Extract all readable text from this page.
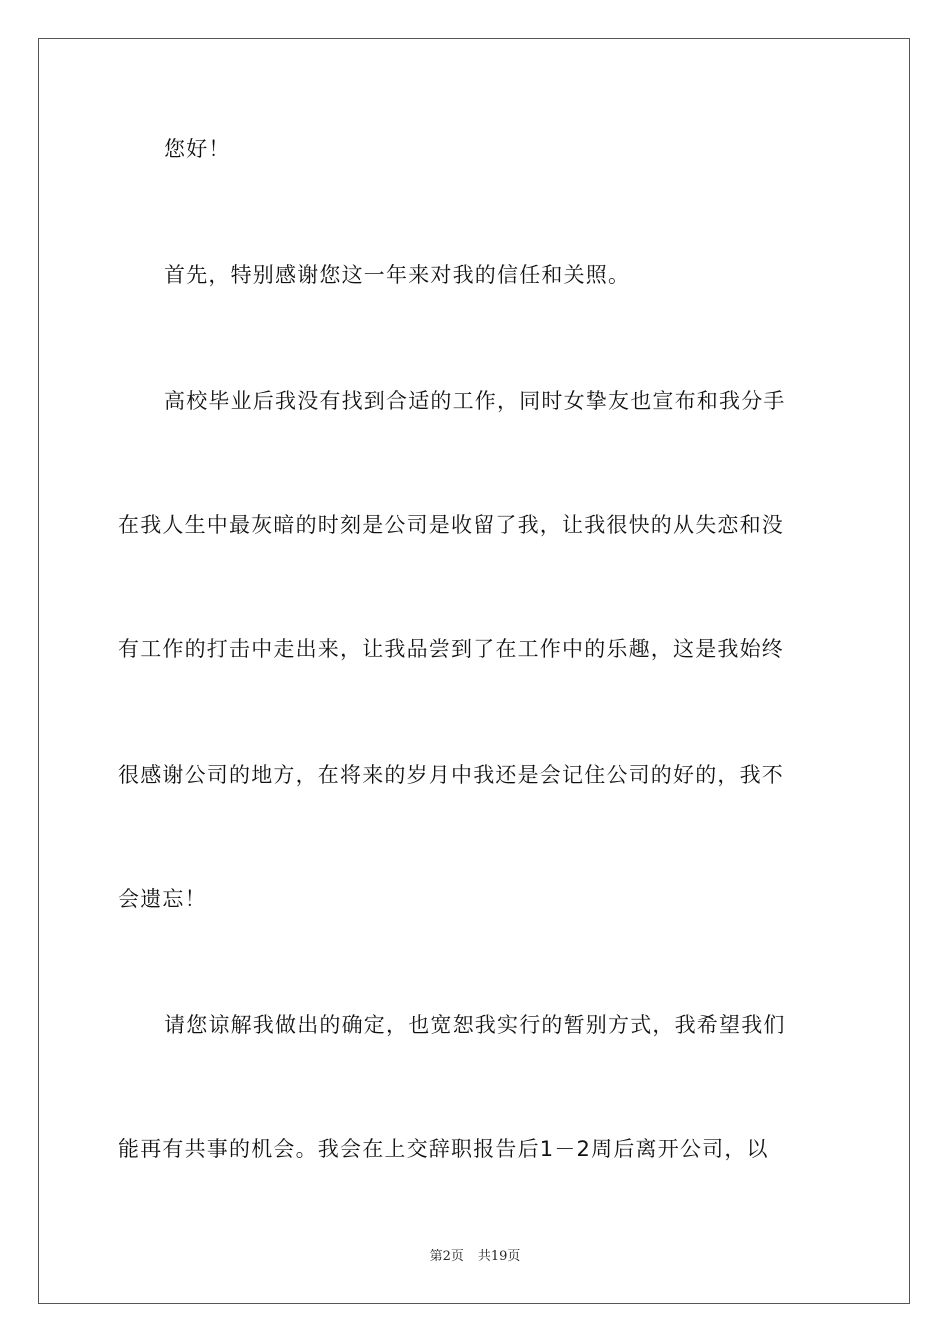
您好！
首先，特别感谢您这一年来对我的信任和关照。
高校毕业后我没有找到合适的工作，同时女挚友也宣布和我分手
在我人生中最灰暗的时刻是公司是收留了我，让我很快的从失恋和没
有工作的打击中走出来，让我品尝到了在工作中的乐趣，这是我始终
很感谢公司的地方，在将来的岁月中我还是会记住公司的好的，我不
会遗忘！
请您谅解我做出的确定，也宽恕我实行的暂别方式，我希望我们
能再有共事的机会。我会在上交辞职报告后1－2周后离开公司，以
第2页 共19页
